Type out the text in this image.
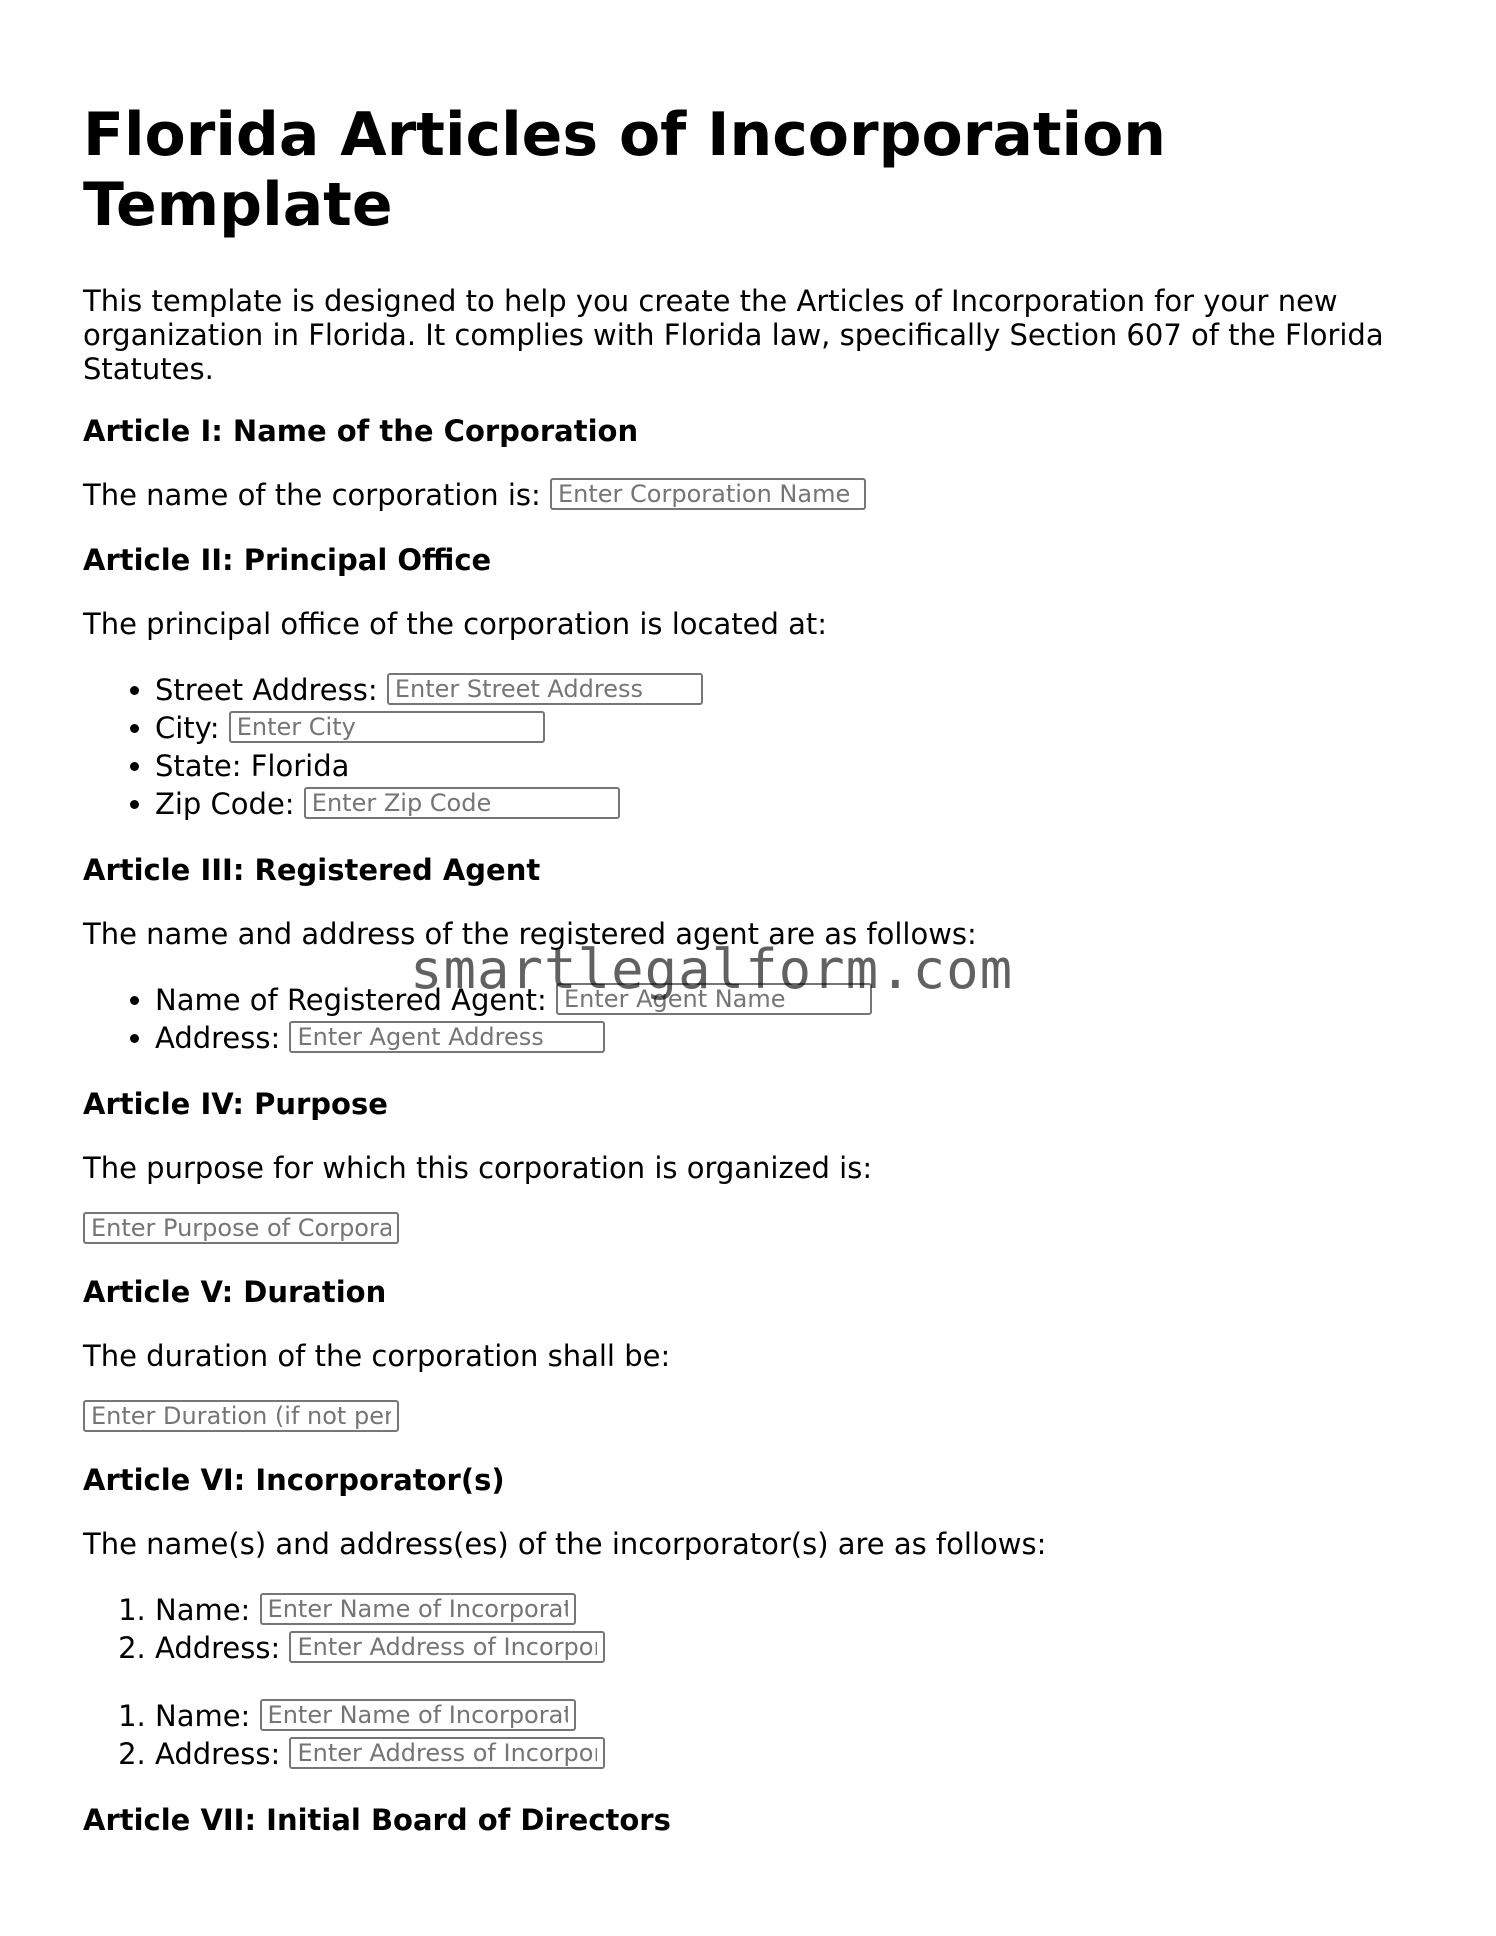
Florida Articles of Incorporation Template

This template is designed to help you create the Articles of Incorporation for your new organization in Florida. It complies with Florida law, specifically Section 607 of the Florida Statutes.

Article I: Name of the Corporation

The name of the corporation is: Enter Corporation Name

Article II: Principal Office

The principal office of the corporation is located at:

• Street Address: Enter Street Address
• City: Enter City
• State: Florida
• Zip Code: Enter Zip Code
Article III: Registered Agent

The name and address of the registered agent are as follows:

• Name of Registered Agent: Enter Agent Name
• Address: Enter Agent Address
Article IV: Purpose

The purpose for which this corporation is organized is:

Enter Purpose of Corporation
Article V: Duration

The duration of the corporation shall be:

Enter Duration (if not perpetual)
Article VI: Incorporator(s)

The name(s) and address(es) of the incorporator(s) are as follows:

1. Name: Enter Name of Incorporator
2. Address: Enter Address of Incorporator
1. Name: Enter Name of Incorporator
2. Address: Enter Address of Incorporator
Article VII: Initial Board of Directors
smartlegalform.com
